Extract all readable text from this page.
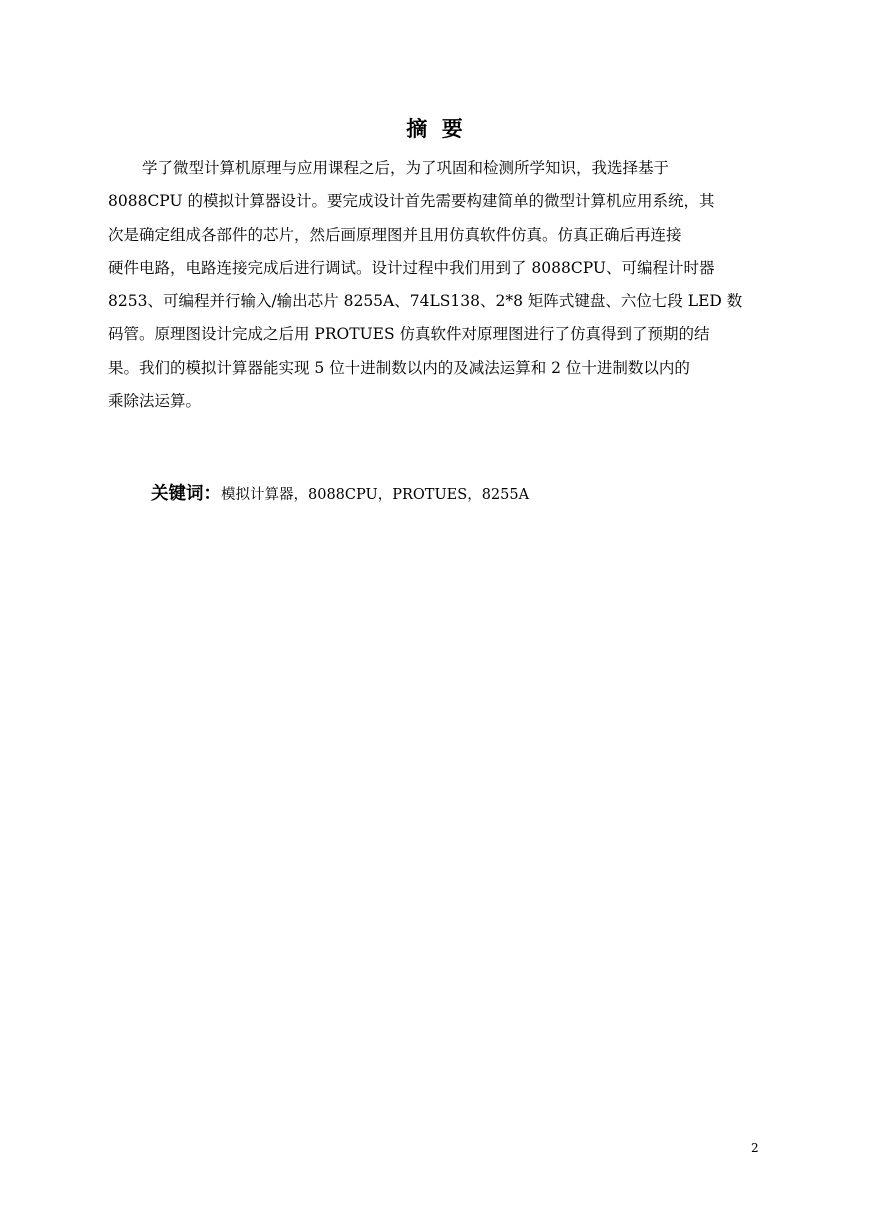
摘  要
学了微型计算机原理与应用课程之后，为了巩固和检测所学知识，我选择基于
8088CPU 的模拟计算器设计。要完成设计首先需要构建简单的微型计算机应用系统，其
次是确定组成各部件的芯片，然后画原理图并且用仿真软件仿真。仿真正确后再连接
硬件电路，电路连接完成后进行调试。设计过程中我们用到了 8088CPU、可编程计时器
8253、可编程并行输入/输出芯片 8255A、74LS138、2*8 矩阵式键盘、六位七段 LED 数
码管。原理图设计完成之后用 PROTUES 仿真软件对原理图进行了仿真得到了预期的结
果。我们的模拟计算器能实现 5 位十进制数以内的及减法运算和 2 位十进制数以内的
乘除法运算。
关键词：模拟计算器，8088CPU，PROTUES，8255A
2
